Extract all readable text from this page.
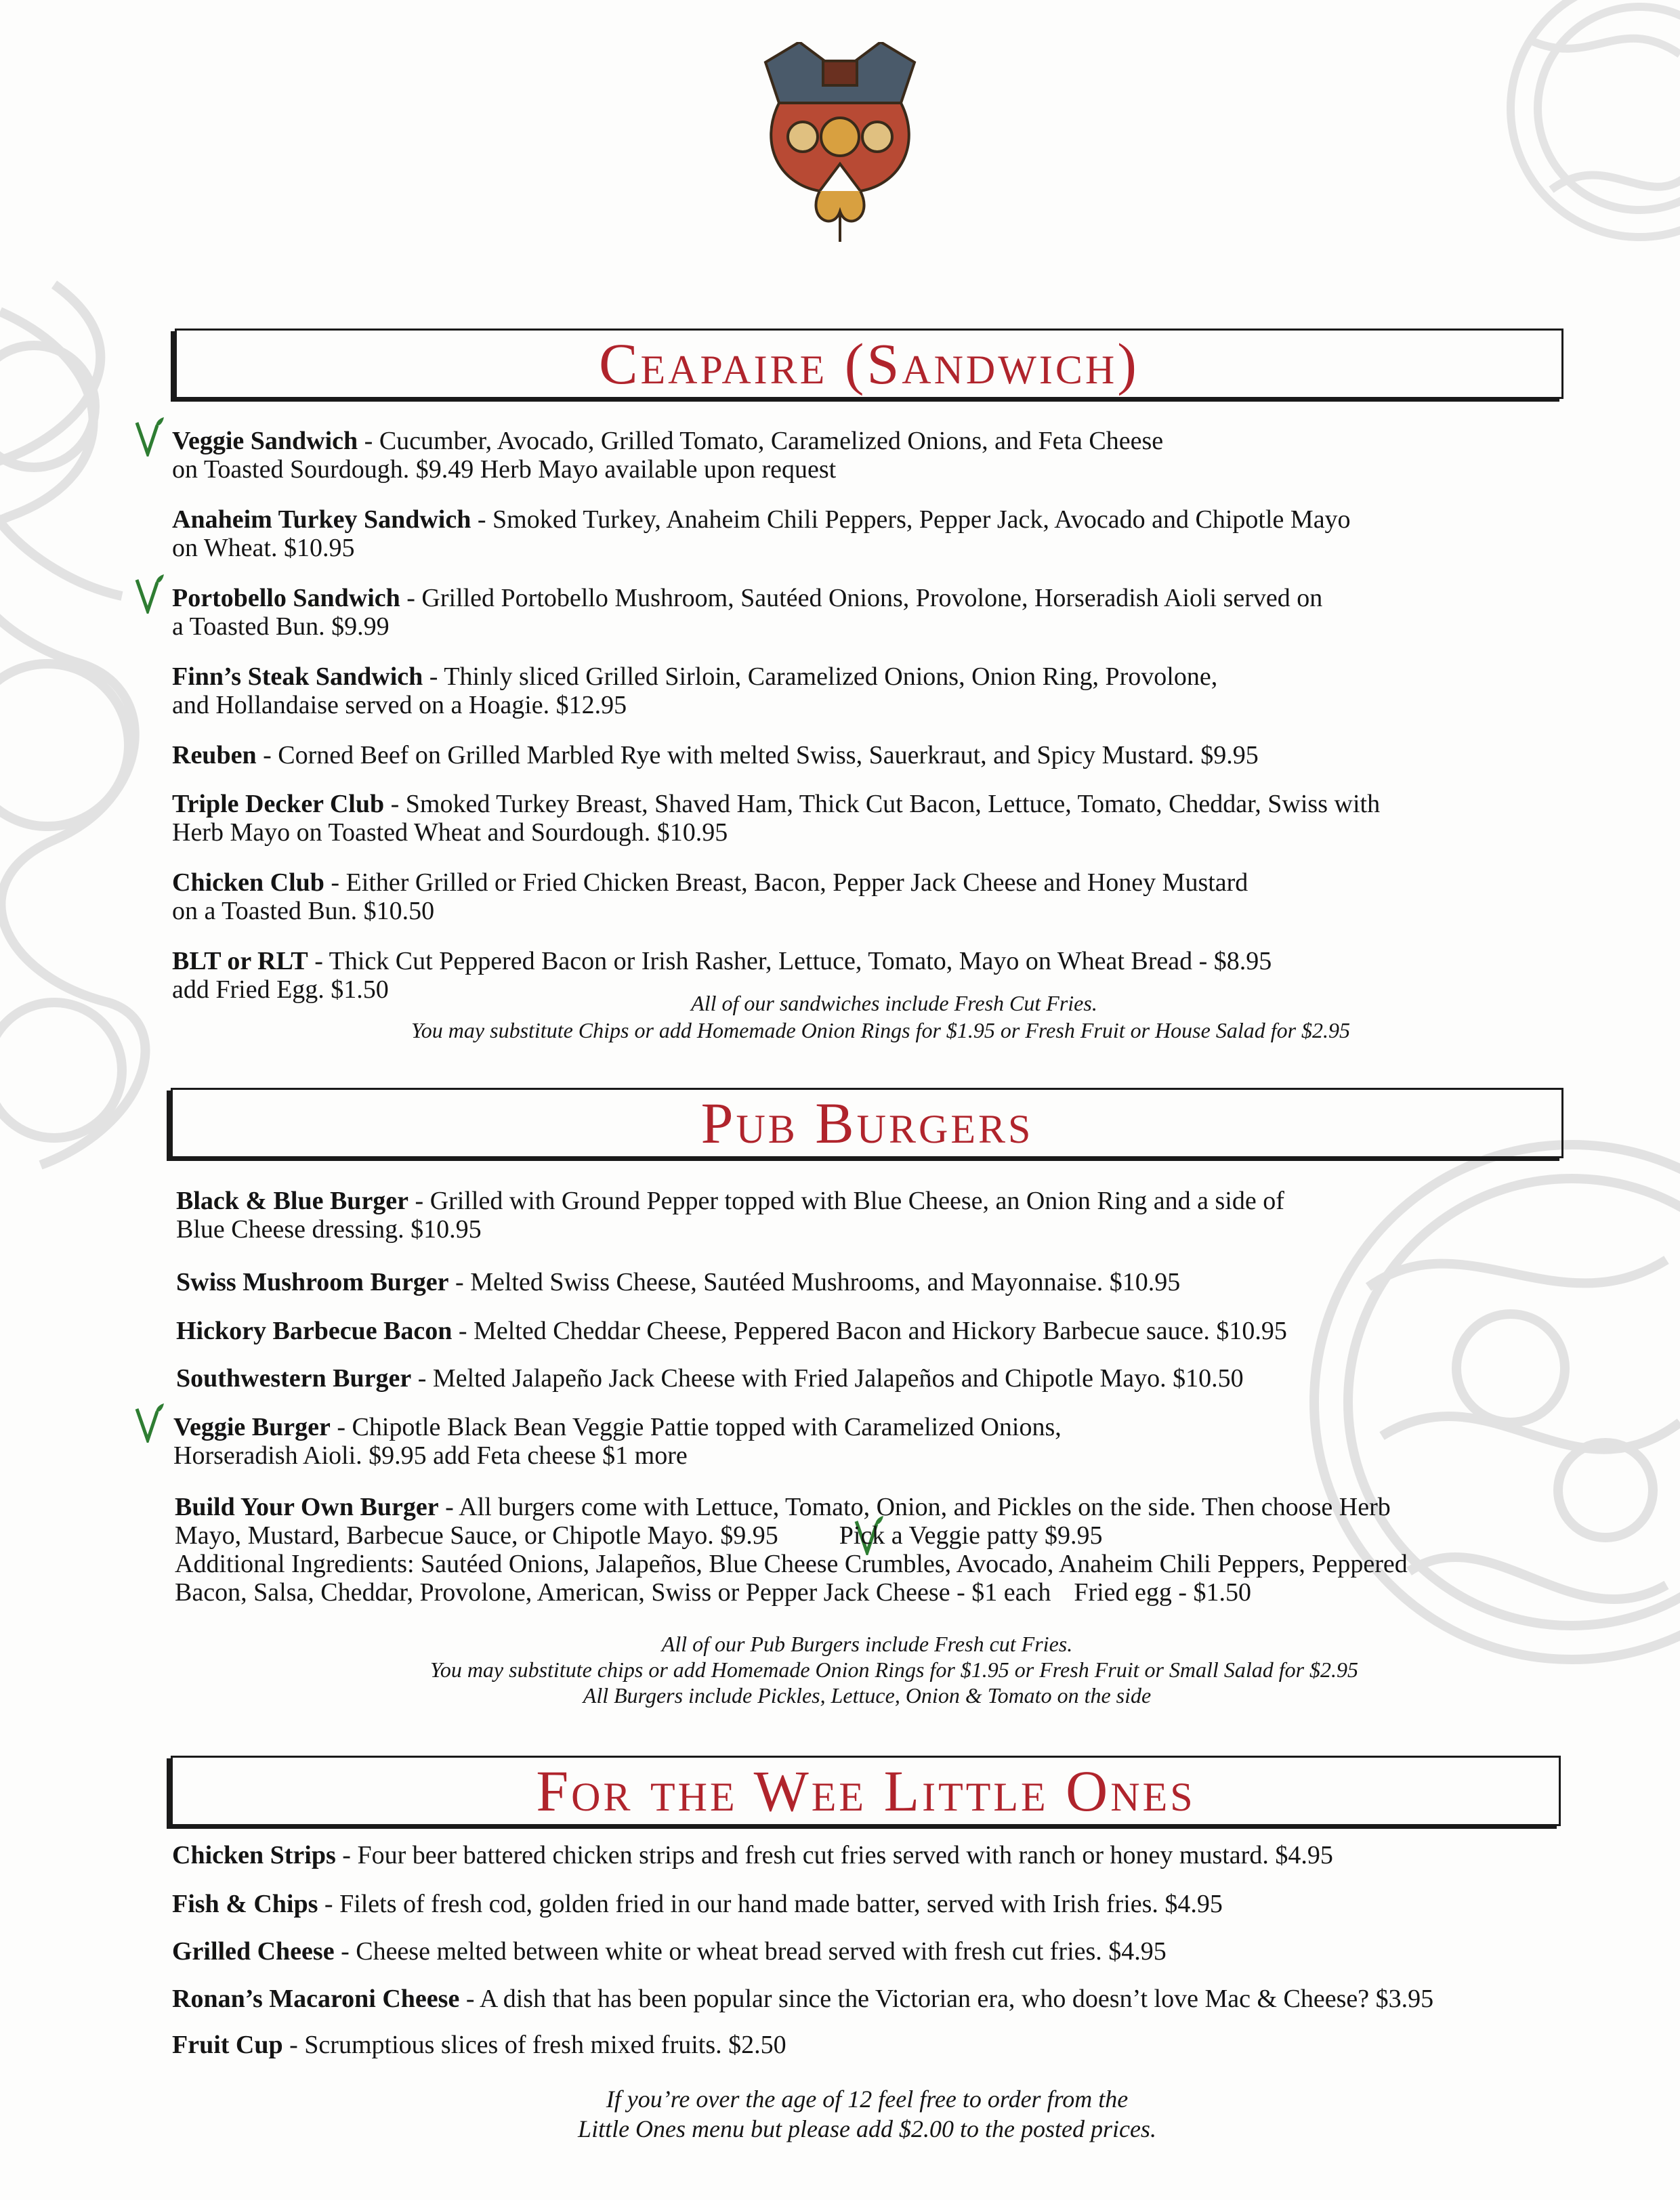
Ceapaire (Sandwich)
Veggie Sandwich - Cucumber, Avocado, Grilled Tomato, Caramelized Onions, and Feta Cheese
on Toasted Sourdough. $9.49 Herb Mayo available upon request
Anaheim Turkey Sandwich - Smoked Turkey, Anaheim Chili Peppers, Pepper Jack, Avocado and Chipotle Mayo
on Wheat. $10.95
Portobello Sandwich - Grilled Portobello Mushroom, Sautéed Onions, Provolone, Horseradish Aioli served on
a Toasted Bun. $9.99
Finn’s Steak Sandwich - Thinly sliced Grilled Sirloin, Caramelized Onions, Onion Ring, Provolone,
and Hollandaise served on a Hoagie. $12.95
Reuben - Corned Beef on Grilled Marbled Rye with melted Swiss, Sauerkraut, and Spicy Mustard. $9.95
Triple Decker Club - Smoked Turkey Breast, Shaved Ham, Thick Cut Bacon, Lettuce, Tomato, Cheddar, Swiss with
Herb Mayo on Toasted Wheat and Sourdough. $10.95
Chicken Club - Either Grilled or Fried Chicken Breast, Bacon, Pepper Jack Cheese and Honey Mustard
on a Toasted Bun. $10.50
BLT or RLT - Thick Cut Peppered Bacon or Irish Rasher, Lettuce, Tomato, Mayo on Wheat Bread - $8.95
add Fried Egg. $1.50	All of our sandwiches include Fresh Cut Fries.
You may substitute Chips or add Homemade Onion Rings for $1.95 or Fresh Fruit or House Salad for $2.95
Pub Burgers
Black & Blue Burger - Grilled with Ground Pepper topped with Blue Cheese, an Onion Ring and a side of
Blue Cheese dressing. $10.95
Swiss Mushroom Burger - Melted Swiss Cheese, Sautéed Mushrooms, and Mayonnaise. $10.95
Hickory Barbecue Bacon - Melted Cheddar Cheese, Peppered Bacon and Hickory Barbecue sauce. $10.95
Southwestern Burger - Melted Jalapeño Jack Cheese with Fried Jalapeños and Chipotle Mayo. $10.50
Veggie Burger - Chipotle Black Bean Veggie Pattie topped with Caramelized Onions,
Horseradish Aioli. $9.95 add Feta cheese $1 more
Build Your Own Burger - All burgers come with Lettuce, Tomato, Onion, and Pickles on the side. Then choose Herb
Mayo, Mustard, Barbecue Sauce, or Chipotle Mayo. $9.95 Pick a Veggie patty $9.95
Additional Ingredients: Sautéed Onions, Jalapeños, Blue Cheese Crumbles, Avocado, Anaheim Chili Peppers, Peppered
Bacon, Salsa, Cheddar, Provolone, American, Swiss or Pepper Jack Cheese - $1 each Fried egg - $1.50
All of our Pub Burgers include Fresh cut Fries.
You may substitute chips or add Homemade Onion Rings for $1.95 or Fresh Fruit or Small Salad for $2.95
All Burgers include Pickles, Lettuce, Onion & Tomato on the side
For the Wee Little Ones
Chicken Strips - Four beer battered chicken strips and fresh cut fries served with ranch or honey mustard. $4.95
Fish & Chips - Filets of fresh cod, golden fried in our hand made batter, served with Irish fries. $4.95
Grilled Cheese - Cheese melted between white or wheat bread served with fresh cut fries. $4.95
Ronan’s Macaroni Cheese - A dish that has been popular since the Victorian era, who doesn’t love Mac & Cheese? $3.95
Fruit Cup - Scrumptious slices of fresh mixed fruits. $2.50
If you’re over the age of 12 feel free to order from the
Little Ones menu but please add $2.00 to the posted prices.
